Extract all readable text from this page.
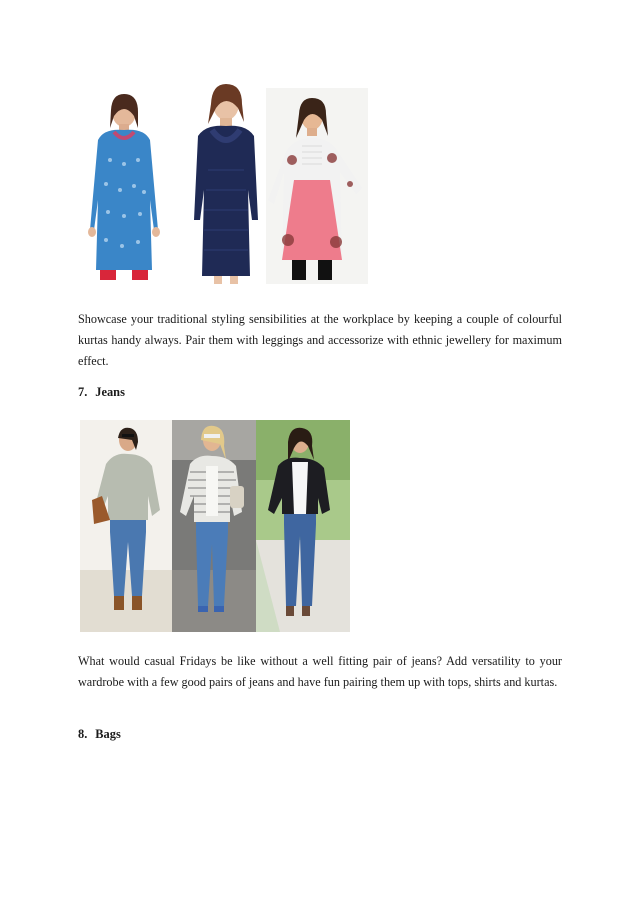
Showcase your traditional styling sensibilities at the workplace by keeping a couple of colourful kurtas handy always. Pair them with leggings and accessorize with ethnic jewellery for maximum effect.

7. Jeans

What would casual Fridays be like without a well fitting pair of jeans? Add versatility to your wardrobe with a few good pairs of jeans and have fun pairing them up with tops, shirts and kurtas.

8. Bags
